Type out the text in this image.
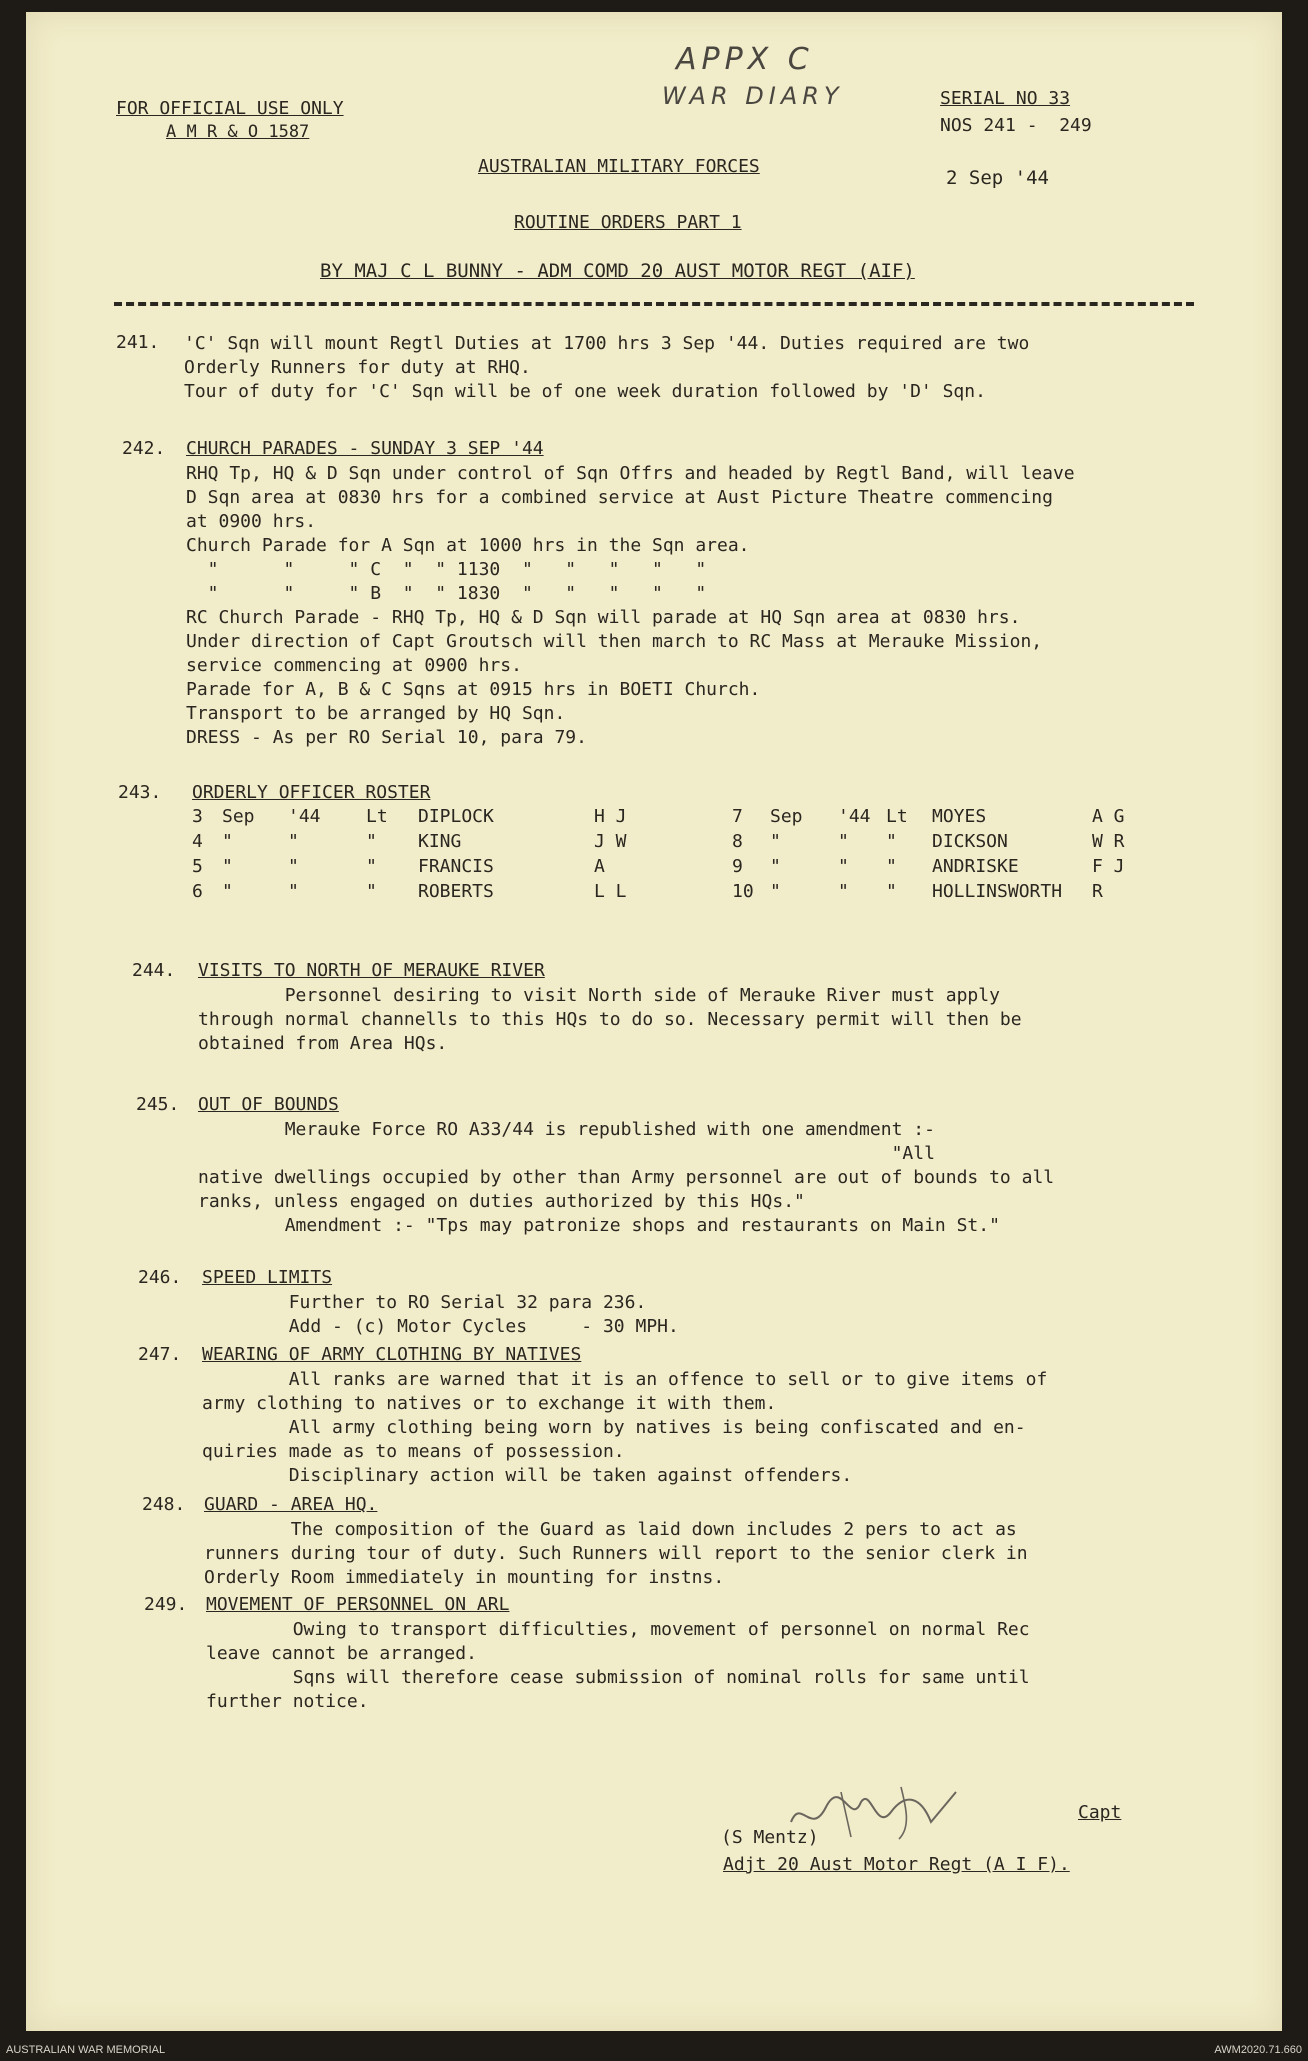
APPX C
WAR DIARY
FOR OFFICIAL USE ONLY
A M R & O 1587
SERIAL NO 33
NOS 241 -  249
2 Sep '44
AUSTRALIAN MILITARY FORCES
ROUTINE ORDERS PART 1
BY MAJ C L BUNNY - ADM COMD 20 AUST MOTOR REGT (AIF)
241. 'C' Sqn will mount Regtl Duties at 1700 hrs 3 Sep '44. Duties required are two
Orderly Runners for duty at RHQ.
Tour of duty for 'C' Sqn will be of one week duration followed by 'D' Sqn.
242. CHURCH PARADES - SUNDAY 3 SEP '44
RHQ Tp, HQ & D Sqn under control of Sqn Offrs and headed by Regtl Band, will leave
D Sqn area at 0830 hrs for a combined service at Aust Picture Theatre commencing
at 0900 hrs.
Church Parade for A Sqn at 1000 hrs in the Sqn area.
"      "     " C  "  " 1130  "   "   "   "   "
"      "     " B  "  " 1830  "   "   "   "   "
RC Church Parade - RHQ Tp, HQ & D Sqn will parade at HQ Sqn area at 0830 hrs.
Under direction of Capt Groutsch will then march to RC Mass at Merauke Mission,
service commencing at 0900 hrs.
Parade for A, B & C Sqns at 0915 hrs in BOETI Church.
Transport to be arranged by HQ Sqn.
DRESS - As per RO Serial 10, para 79.
243. ORDERLY OFFICER ROSTER
3 Sep '44	Lt DIPLOCK	H J
4 "	"	" KING	J W
5 "	"	" FRANCIS	A
6 "	"	" ROBERTS	L L
7 Sep '44 Lt MOYES	A G
8 "	" " DICKSON	W R
9 "	" " ANDRISKE	F J
10 "	" " HOLLINSWORTH R
244. VISITS TO NORTH OF MERAUKE RIVER
Personnel desiring to visit North side of Merauke River must apply
through normal channells to this HQs to do so. Necessary permit will then be
obtained from Area HQs.
245. OUT OF BOUNDS
Merauke Force RO A33/44 is republished with one amendment :-
"All
native dwellings occupied by other than Army personnel are out of bounds to all
ranks, unless engaged on duties authorized by this HQs."
Amendment :- "Tps may patronize shops and restaurants on Main St."
246. SPEED LIMITS
Further to RO Serial 32 para 236.
Add - (c) Motor Cycles     - 30 MPH.
247. WEARING OF ARMY CLOTHING BY NATIVES
All ranks are warned that it is an offence to sell or to give items of
army clothing to natives or to exchange it with them.
All army clothing being worn by natives is being confiscated and en-
quiries made as to means of possession.
Disciplinary action will be taken against offenders.
248. GUARD - AREA HQ.
The composition of the Guard as laid down includes 2 pers to act as
runners during tour of duty. Such Runners will report to the senior clerk in
Orderly Room immediately in mounting for instns.
249. MOVEMENT OF PERSONNEL ON ARL
Owing to transport difficulties, movement of personnel on normal Rec
leave cannot be arranged.
Sqns will therefore cease submission of nominal rolls for same until
further notice.
Capt
(S Mentz)
Adjt 20 Aust Motor Regt (A I F).
AUSTRALIAN WAR MEMORIAL	AWM2020.71.660
